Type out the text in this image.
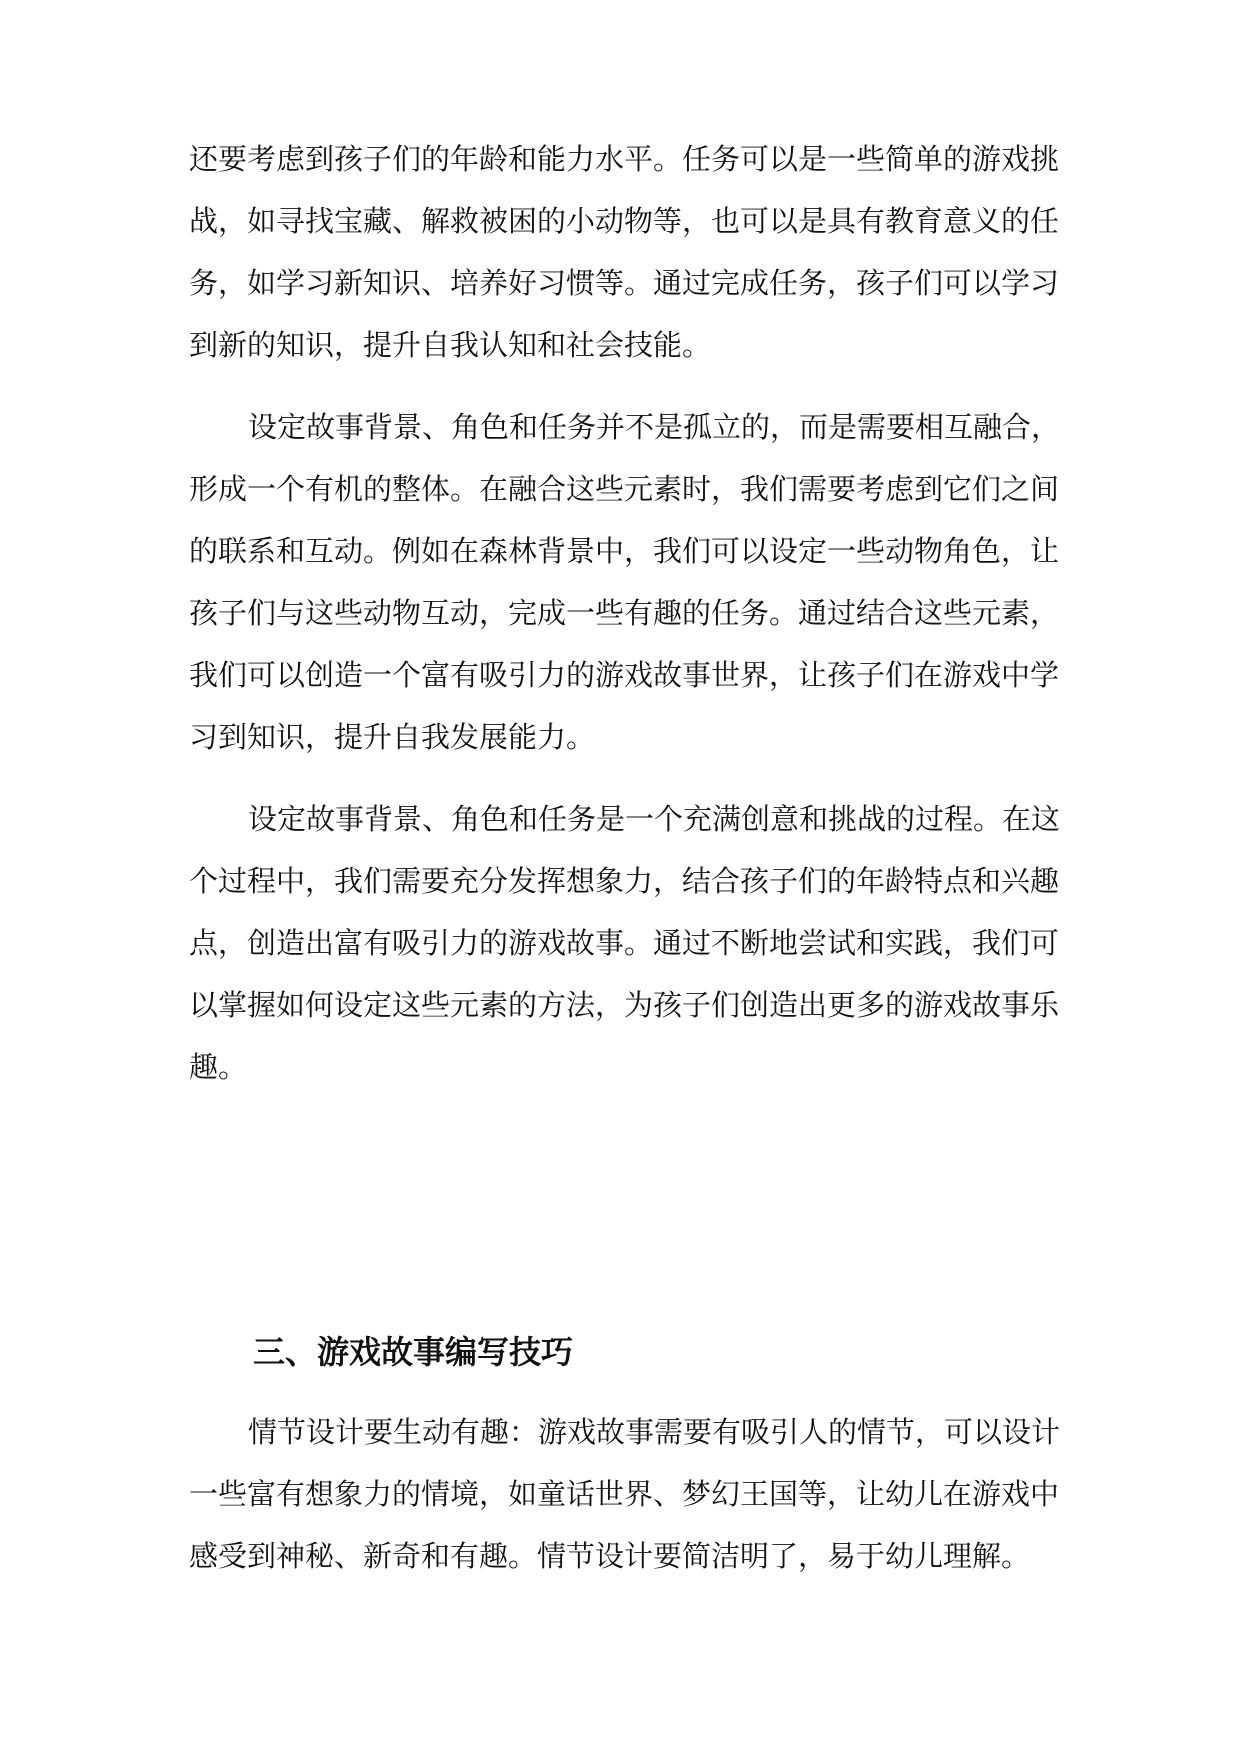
还要考虑到孩子们的年龄和能力水平。任务可以是一些简单的游戏挑
战，如寻找宝藏、解救被困的小动物等，也可以是具有教育意义的任
务，如学习新知识、培养好习惯等。通过完成任务，孩子们可以学习
到新的知识，提升自我认知和社会技能。
设定故事背景、角色和任务并不是孤立的，而是需要相互融合，
形成一个有机的整体。在融合这些元素时，我们需要考虑到它们之间
的联系和互动。例如在森林背景中，我们可以设定一些动物角色，让
孩子们与这些动物互动，完成一些有趣的任务。通过结合这些元素，
我们可以创造一个富有吸引力的游戏故事世界，让孩子们在游戏中学
习到知识，提升自我发展能力。
设定故事背景、角色和任务是一个充满创意和挑战的过程。在这
个过程中，我们需要充分发挥想象力，结合孩子们的年龄特点和兴趣
点，创造出富有吸引力的游戏故事。通过不断地尝试和实践，我们可
以掌握如何设定这些元素的方法，为孩子们创造出更多的游戏故事乐
趣。
三、游戏故事编写技巧
情节设计要生动有趣：游戏故事需要有吸引人的情节，可以设计
一些富有想象力的情境，如童话世界、梦幻王国等，让幼儿在游戏中
感受到神秘、新奇和有趣。情节设计要简洁明了，易于幼儿理解。
